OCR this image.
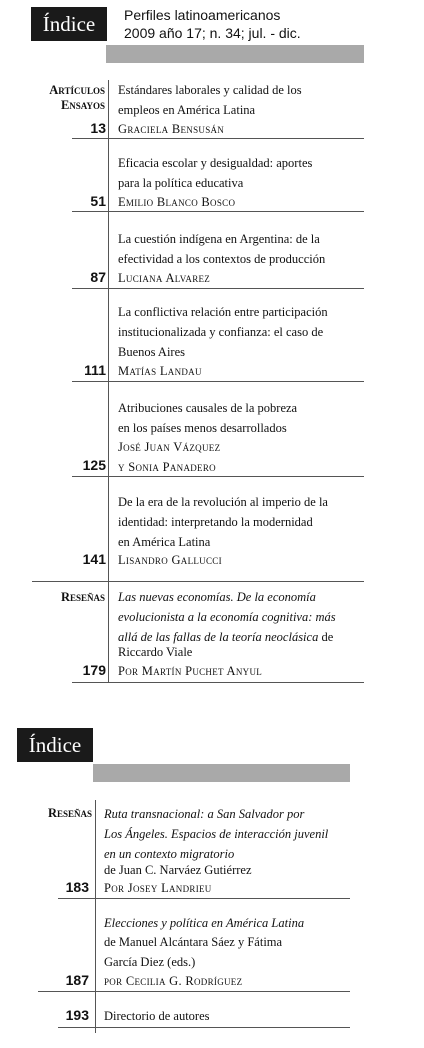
Índice	Perfiles latinoamericanos
2009 año 17; n. 34; jul. - dic.
Artículos
Ensayos
Estándares laborales y calidad de los
empleos en América Latina
Graciela Bensusán
13
Eficacia escolar y desigualdad: aportes
para la política educativa
Emilio Blanco Bosco
51
La cuestión indígena en Argentina: de la
efectividad a los contextos de producción
Luciana Alvarez
87
La conflictiva relación entre participación
institucionalizada y confianza: el caso de
Buenos Aires
Matías Landau
111
Atribuciones causales de la pobreza
en los países menos desarrollados
José Juan Vázquez
y Sonia Panadero
125
De la era de la revolución al imperio de la
identidad: interpretando la modernidad
en América Latina
Lisandro Gallucci
141
Reseñas Las nuevas economías. De la economía
evolucionista a la economía cognitiva: más
allá de las fallas de la teoría neoclásica de
Riccardo Viale
Por Martín Puchet Anyul
179
Índice
Reseñas Ruta transnacional: a San Salvador por
Los Ángeles. Espacios de interacción juvenil
en un contexto migratorio
de Juan C. Narváez Gutiérrez
Por Josey Landrieu
183
Elecciones y política en América Latina
de Manuel Alcántara Sáez y Fátima
García Diez (eds.)
por Cecilia G. Rodríguez
187
Directorio de autores
193
